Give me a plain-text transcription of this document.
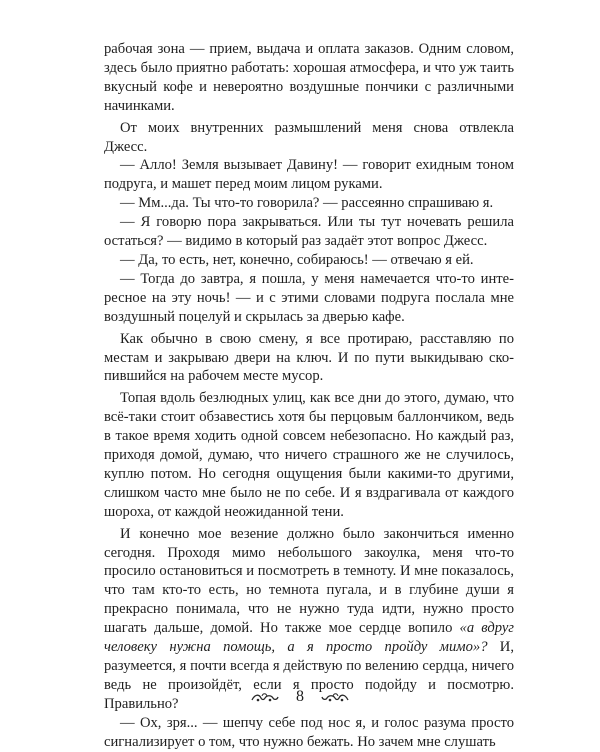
рабочая зона — прием, выдача и оплата заказов. Одним словом, здесь было приятно работать: хорошая атмосфера, и что уж таить вкусный кофе и невероятно воздушные пончики с различными начинками.

От моих внутренних размышлений меня снова отвлекла Джесс.

— Алло! Земля вызывает Давину! — говорит ехидным тоном подруга, и машет перед моим лицом руками.

— Мм...да. Ты что-то говорила? — рассеянно спрашиваю я.

— Я говорю пора закрываться. Или ты тут ночевать решила остаться? — видимо в который раз задаёт этот вопрос Джесс.

— Да, то есть, нет, конечно, собираюсь! — отвечаю я ей.

— Тогда до завтра, я пошла, у меня намечается что-то интересное на эту ночь! — и с этими словами подруга послала мне воздушный поцелуй и скрылась за дверью кафе.

Как обычно в свою смену, я все протираю, расставляю по местам и закрываю двери на ключ. И по пути выкидываю скопившийся на рабочем месте мусор.

Топая вдоль безлюдных улиц, как все дни до этого, думаю, что всё-таки стоит обзавестись хотя бы перцовым баллончиком, ведь в такое время ходить одной совсем небезопасно. Но каждый раз, приходя домой, думаю, что ничего страшного же не случилось, куплю потом. Но сегодня ощущения были какими-то другими, слишком часто мне было не по себе. И я вздрагивала от каждого шороха, от каждой неожиданной тени.

И конечно мое везение должно было закончиться именно сегодня. Проходя мимо небольшого закоулка, меня что-то просило остановиться и посмотреть в темноту. И мне показалось, что там кто-то есть, но темнота пугала, и в глубине души я прекрасно понимала, что не нужно туда идти, нужно просто шагать дальше, домой. Но также мое сердце вопило «а вдруг человеку нужна помощь, а я просто пройду мимо»? И, разумеется, я почти всегда я действую по велению сердца, ничего ведь не произойдёт, если я просто подойду и посмотрю. Правильно?

— Ох, зря... — шепчу себе под нос я, и голос разума просто сигнализирует о том, что нужно бежать. Но зачем мне слушать

8
